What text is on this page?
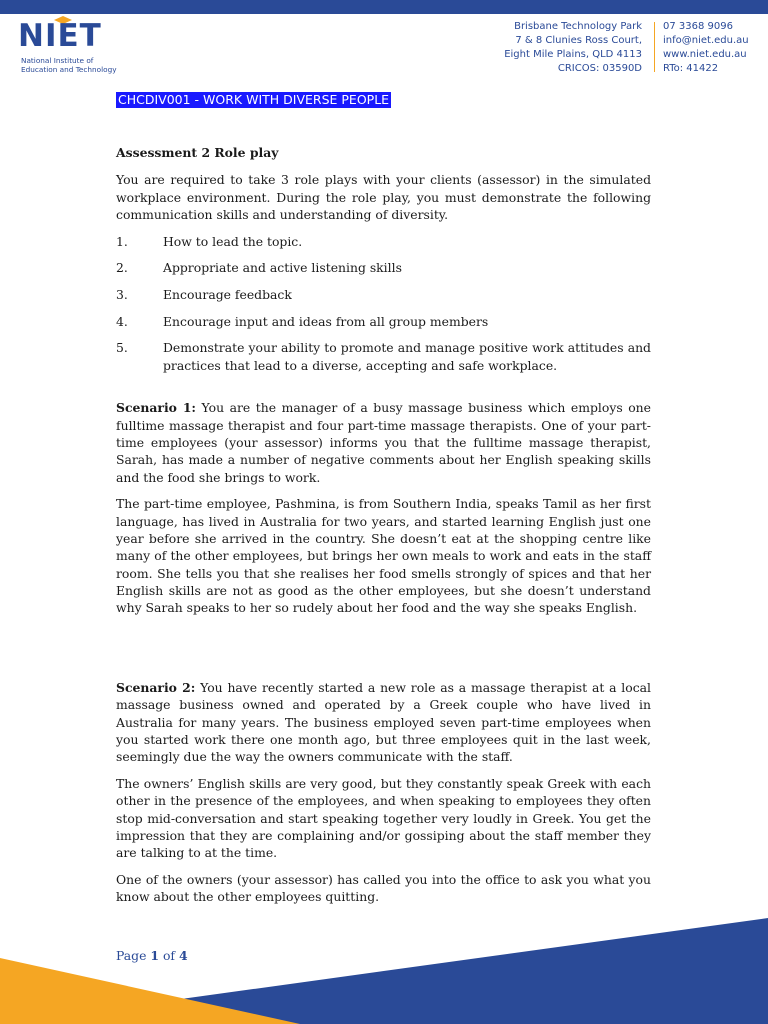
NIET
National Institute of
Education and Technology
Brisbane Technology Park
7 & 8 Clunies Ross Court,
Eight Mile Plains, QLD 4113
CRICOS: 03590D
07 3368 9096
info@niet.edu.au
www.niet.edu.au
RTo: 41422
CHCDIV001 - WORK WITH DIVERSE PEOPLE
Assessment 2 Role play

You are required to take 3 role plays with your clients (assessor) in the simulated workplace environment. During the role play, you must demonstrate the following communication skills and understanding of diversity.

1.	How to lead the topic.
2.	Appropriate and active listening skills
3.	Encourage feedback
4.	Encourage input and ideas from all group members
5.	Demonstrate your ability to promote and manage positive work attitudes and practices that lead to a diverse, accepting and safe workplace.

Scenario 1: You are the manager of a busy massage business which employs one fulltime massage therapist and four part-time massage therapists. One of your part-time employees (your assessor) informs you that the fulltime massage therapist, Sarah, has made a number of negative comments about her English speaking skills and the food she brings to work.

The part-time employee, Pashmina, is from Southern India, speaks Tamil as her first language, has lived in Australia for two years, and started learning English just one year before she arrived in the country. She doesn’t eat at the shopping centre like many of the other employees, but brings her own meals to work and eats in the staff room. She tells you that she realises her food smells strongly of spices and that her English skills are not as good as the other employees, but she doesn’t understand why Sarah speaks to her so rudely about her food and the way she speaks English.

Scenario 2: You have recently started a new role as a massage therapist at a local massage business owned and operated by a Greek couple who have lived in Australia for many years. The business employed seven part-time employees when you started work there one month ago, but three employees quit in the last week, seemingly due the way the owners communicate with the staff.

The owners’ English skills are very good, but they constantly speak Greek with each other in the presence of the employees, and when speaking to employees they often stop mid-conversation and start speaking together very loudly in Greek. You get the impression that they are complaining and/or gossiping about the staff member they are talking to at the time.

One of the owners (your assessor) has called you into the office to ask you what you know about the other employees quitting.

Page 1 of 4
